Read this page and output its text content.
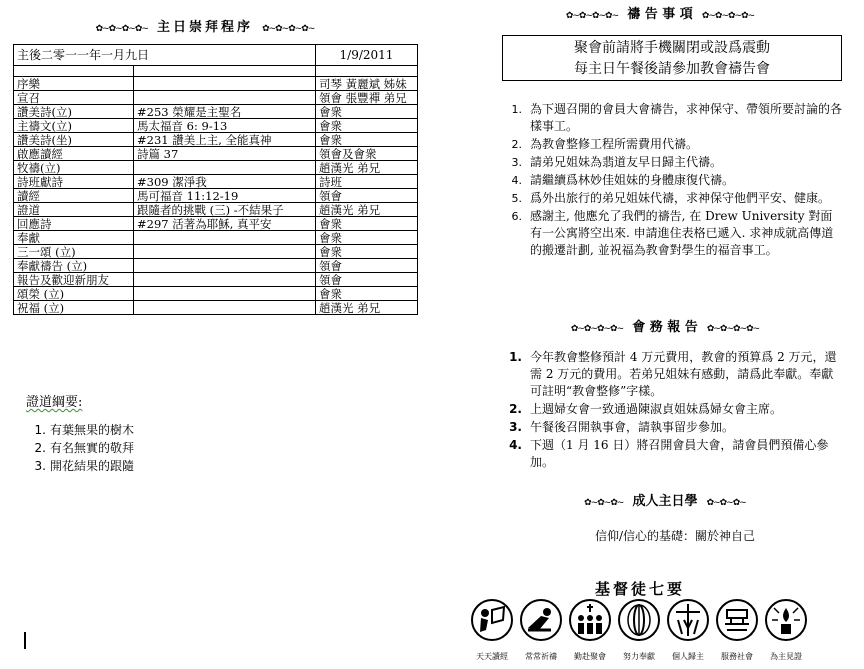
✿~✿~✿~✿~ 主日崇拜程序 ✿~✿~✿~✿~
主後二零一一年一月九日		1/9/2011

序樂		司琴 黃麗斌 姊妹
宣召		領會 張豐禪 弟兄
讚美詩(立)	#253 榮耀是主聖名	會衆
主禱文(立)	馬太福音 6: 9-13	會衆
讚美詩(坐)	#231 讚美上主, 全能真神	會衆
啟應讀經	詩篇 37	領會及會衆
牧禱(立)		趙漢光 弟兄
詩班獻詩	#309 潔淨我	詩班
讀經	馬可福音 11:12-19	領會
證道	跟隨者的挑戰 (三) -不結果子	趙漢光 弟兄
回應詩	#297 活著為耶穌, 真平安	會衆
奉獻		會衆
三一頌 (立)		會衆
奉獻禱告 (立)		領會
報告及歡迎新朋友		領會
頌榮 (立)		會衆
祝福 (立)		趙漢光 弟兄
證道綱要:
1. 有葉無果的樹木
2. 有名無實的敬拜
3. 開花結果的跟隨
✿~✿~✿~✿~ 禱 告 事 項 ✿~✿~✿~✿~
聚會前請將手機關閉或設爲震動
每主日午餐後請參加教會禱告會
1. 為下週召開的會員大會禱告，求神保守、帶領所要討論的各樣事工。
2. 為教會整修工程所需費用代禱。
3. 請弟兄姐妹為翡道友早日歸主代禱。
4. 請繼續爲林妙佳姐妹的身體康復代禱。
5. 爲外出旅行的弟兄姐妹代禱，求神保守他們平安、健康。
6. 感謝主, 他應允了我們的禱告, 在 Drew University 對面有一公寓將空出來. 申請進住表格已遞入. 求神成就高傳道的搬遷計劃, 並祝福為教會對學生的福音事工。
✿~✿~✿~✿~ 會 務 報 告 ✿~✿~✿~✿~
1. 今年教會整修預計 4 万元費用，教會的預算爲 2 万元，還需 2 万元的費用。若弟兄姐妹有感動，請爲此奉獻。奉獻可註明“教會整修”字樣。
2. 上週婦女會一致通過陳淑貞姐妹爲婦女會主席。
3. 午餐後召開執事會，請執事留步參加。
4. 下週（1 月 16 日）將召開會員大會，請會員們預備心參加。
✿~✿~✿~ 成人主日學 ✿~✿~✿~
信仰/信心的基礎：關於神自己
基督徒七要
天天讀經	常常祈禱	勤赴聚會	努力奉獻	個人歸主	服務社會	為主見證
